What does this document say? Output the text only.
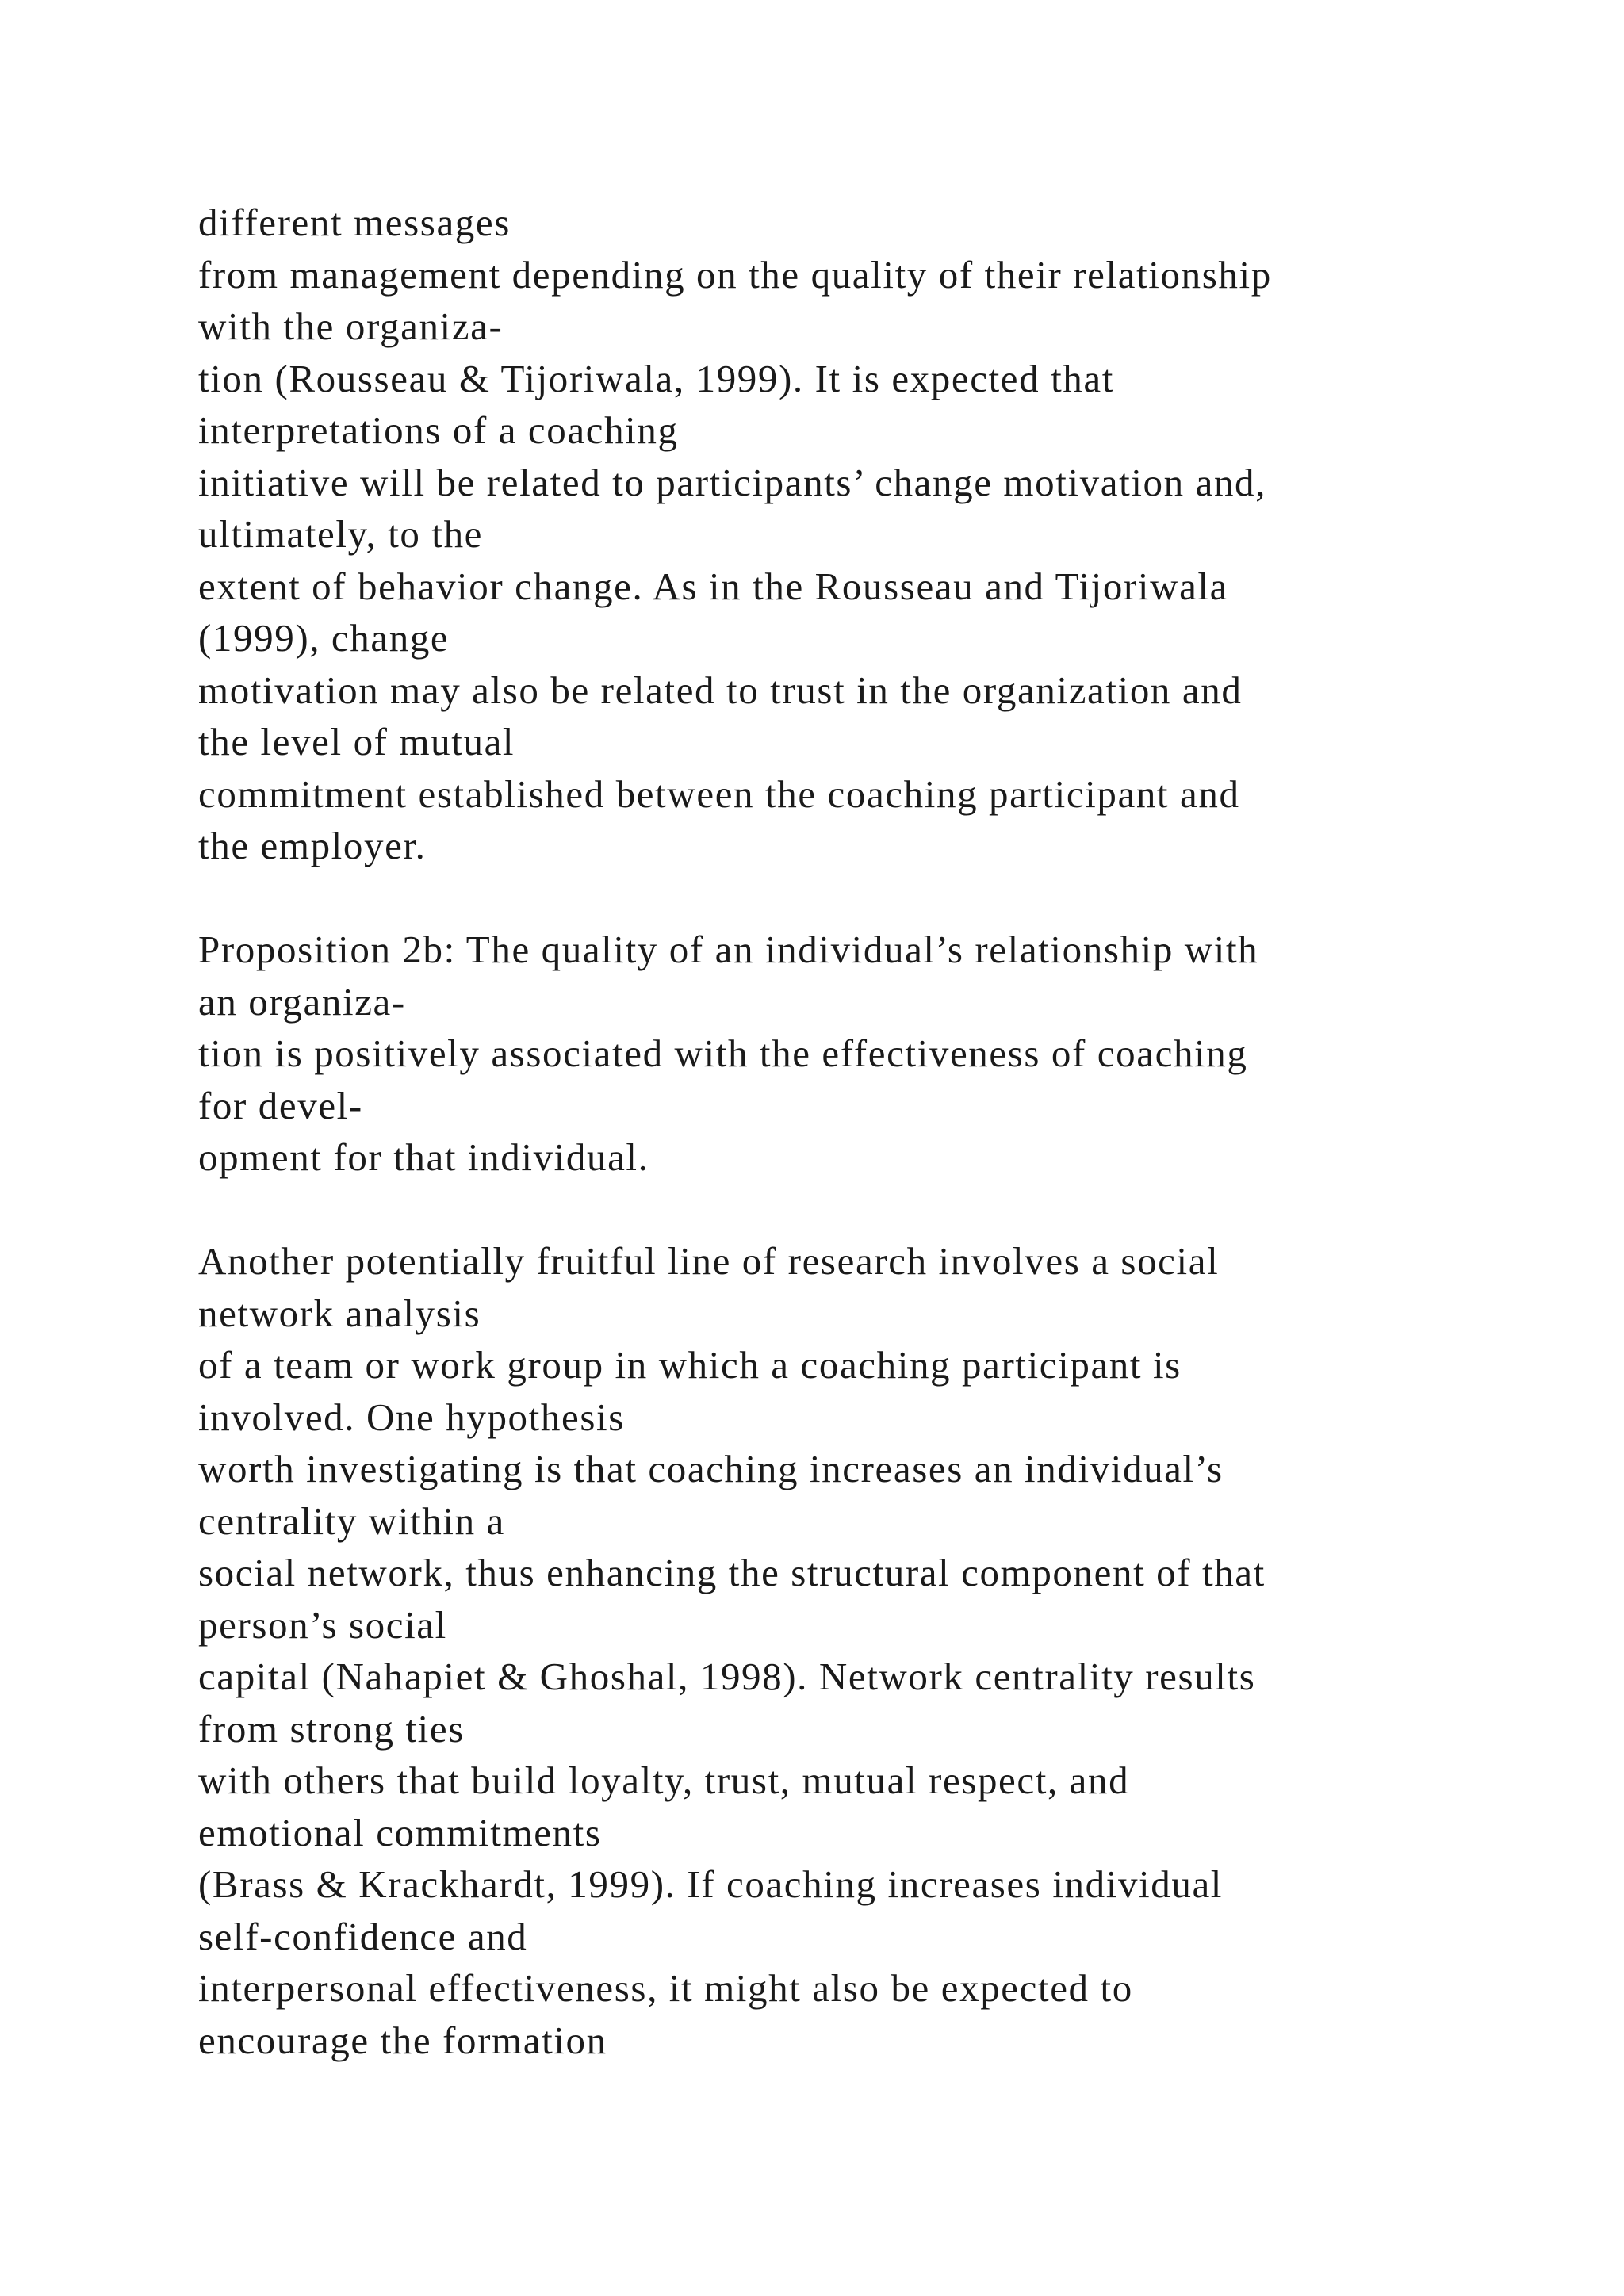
different messages
from management depending on the quality of their relationship
with the organiza-
tion (Rousseau & Tijoriwala, 1999). It is expected that
interpretations of a coaching
initiative will be related to participants’ change motivation and,
ultimately, to the
extent of behavior change. As in the Rousseau and Tijoriwala
(1999), change
motivation may also be related to trust in the organization and
the level of mutual
commitment established between the coaching participant and
the employer.
Proposition 2b: The quality of an individual’s relationship with
an organiza-
tion is positively associated with the effectiveness of coaching
for devel-
opment for that individual.
Another potentially fruitful line of research involves a social
network analysis
of a team or work group in which a coaching participant is
involved. One hypothesis
worth investigating is that coaching increases an individual’s
centrality within a
social network, thus enhancing the structural component of that
person’s social
capital (Nahapiet & Ghoshal, 1998). Network centrality results
from strong ties
with others that build loyalty, trust, mutual respect, and
emotional commitments
(Brass & Krackhardt, 1999). If coaching increases individual
self-confidence and
interpersonal effectiveness, it might also be expected to
encourage the formation
